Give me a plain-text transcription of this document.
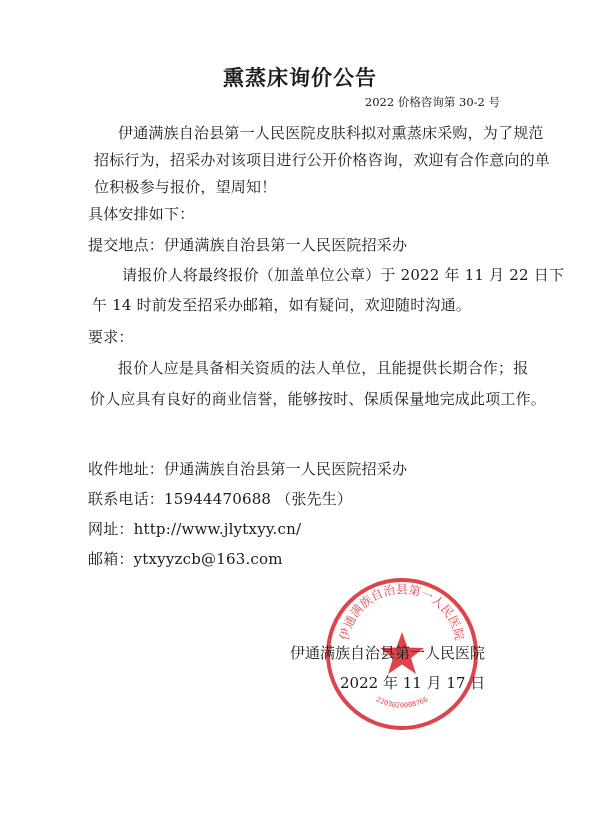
熏蒸床询价公告
2022 价格咨询第 30-2 号
伊通满族自治县第一人民医院皮肤科拟对熏蒸床采购，为了规范
招标行为，招采办对该项目进行公开价格咨询，欢迎有合作意向的单
位积极参与报价，望周知！
具体安排如下：
提交地点：伊通满族自治县第一人民医院招采办
请报价人将最终报价（加盖单位公章）于 2022 年 11 月 22 日下
午 14 时前发至招采办邮箱，如有疑问，欢迎随时沟通。
要求：
报价人应是具备相关资质的法人单位，且能提供长期合作；报
价人应具有良好的商业信誉，能够按时、保质保量地完成此项工作。
收件地址：伊通满族自治县第一人民医院招采办
联系电话：15944470688 （张先生）
网址：http://www.jlytxyy.cn/
邮箱：ytxyyzcb@163.com
伊通满族自治县第一人民医院
2203020008766
伊通满族自治县第一人民医院
2022 年 11 月 17 日
